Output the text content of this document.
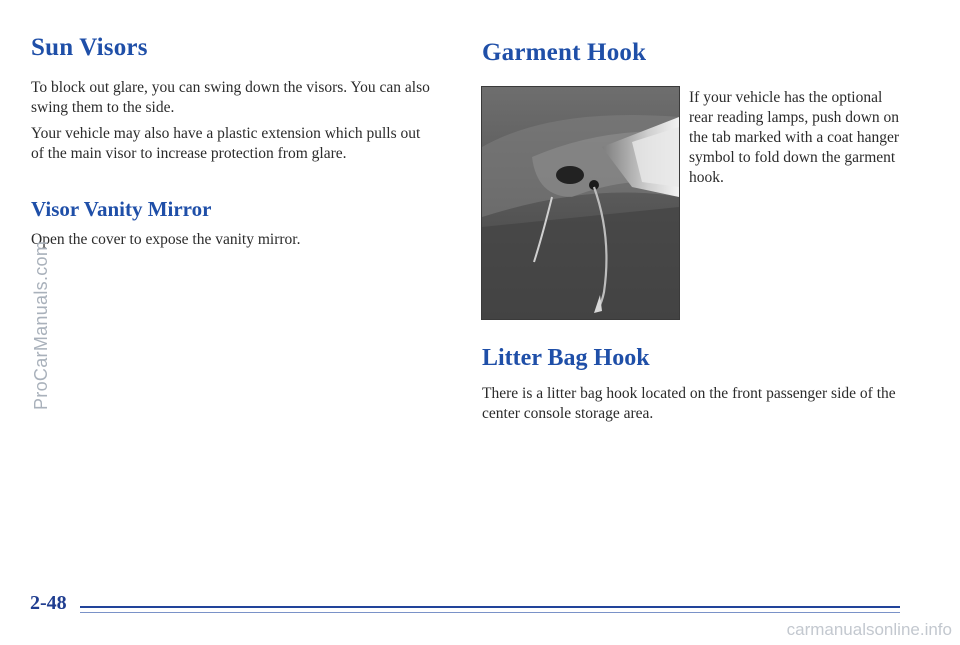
Sun Visors

To block out glare, you can swing down the visors. You can also swing them to the side.

Your vehicle may also have a plastic extension which pulls out of the main visor to increase protection from glare.

Visor Vanity Mirror

Open the cover to expose the vanity mirror.

Garment Hook

If your vehicle has the optional rear reading lamps, push down on the tab marked with a coat hanger symbol to fold down the garment hook.

Litter Bag Hook

There is a litter bag hook located on the front passenger side of the center console storage area.

2-48
ProCarManuals.com
carmanualsonline.info
